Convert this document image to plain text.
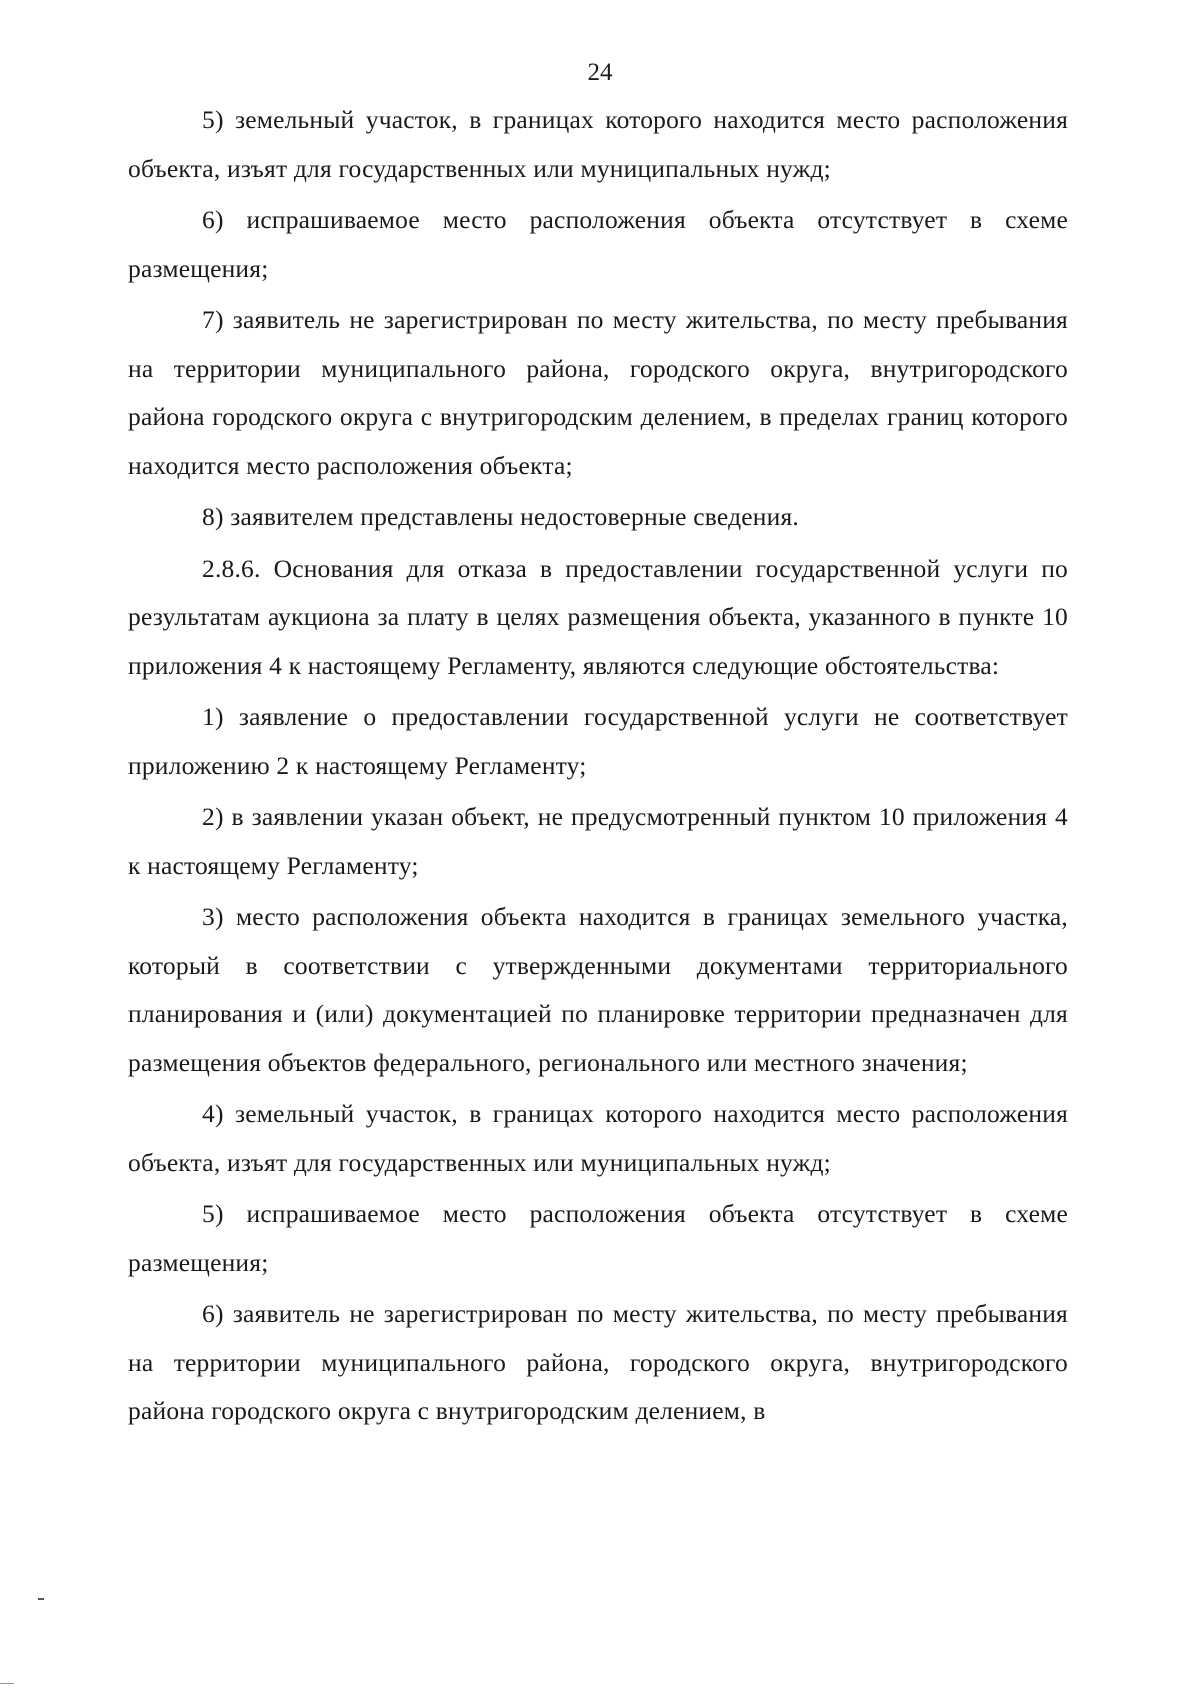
24

5) земельный участок, в границах которого находится место расположения объекта, изъят для государственных или муниципальных нужд;

6) испрашиваемое место расположения объекта отсутствует в схеме размещения;

7) заявитель не зарегистрирован по месту жительства, по месту пребывания на территории муниципального района, городского округа, внутригородского района городского округа с внутригородским делением, в пределах границ которого находится место расположения объекта;

8) заявителем представлены недостоверные сведения.

2.8.6. Основания для отказа в предоставлении государственной услуги по результатам аукциона за плату в целях размещения объекта, указанного в пункте 10 приложения 4 к настоящему Регламенту, являются следующие обстоятельства:

1) заявление о предоставлении государственной услуги не соответствует приложению 2 к настоящему Регламенту;

2) в заявлении указан объект, не предусмотренный пунктом 10 приложения 4 к настоящему Регламенту;

3) место расположения объекта находится в границах земельного участка, который в соответствии с утвержденными документами территориального планирования и (или) документацией по планировке территории предназначен для размещения объектов федерального, регионального или местного значения;

4) земельный участок, в границах которого находится место расположения объекта, изъят для государственных или муниципальных нужд;

5) испрашиваемое место расположения объекта отсутствует в схеме размещения;

6) заявитель не зарегистрирован по месту жительства, по месту пребывания на территории муниципального района, городского округа, внутригородского района городского округа с внутригородским делением, в
